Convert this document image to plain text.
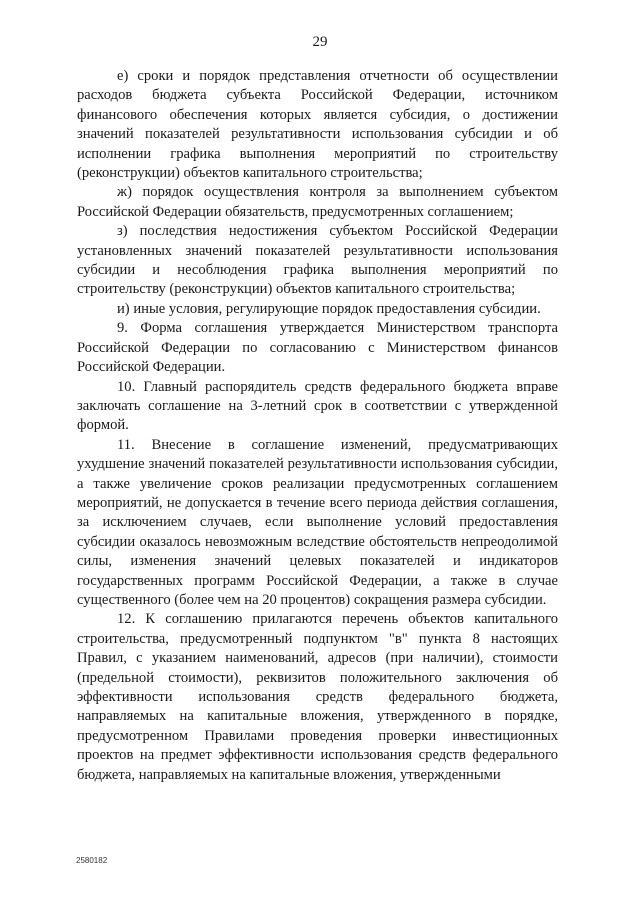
29

е) сроки и порядок представления отчетности об осуществлении расходов бюджета субъекта Российской Федерации, источником финансового обеспечения которых является субсидия, о достижении значений показателей результативности использования субсидии и об исполнении графика выполнения мероприятий по строительству (реконструкции) объектов капитального строительства;

ж) порядок осуществления контроля за выполнением субъектом Российской Федерации обязательств, предусмотренных соглашением;

з) последствия недостижения субъектом Российской Федерации установленных значений показателей результативности использования субсидии и несоблюдения графика выполнения мероприятий по строительству (реконструкции) объектов капитального строительства;

и) иные условия, регулирующие порядок предоставления субсидии.

9. Форма соглашения утверждается Министерством транспорта Российской Федерации по согласованию с Министерством финансов Российской Федерации.

10. Главный распорядитель средств федерального бюджета вправе заключать соглашение на 3-летний срок в соответствии с утвержденной формой.

11. Внесение в соглашение изменений, предусматривающих ухудшение значений показателей результативности использования субсидии, а также увеличение сроков реализации предусмотренных соглашением мероприятий, не допускается в течение всего периода действия соглашения, за исключением случаев, если выполнение условий предоставления субсидии оказалось невозможным вследствие обстоятельств непреодолимой силы, изменения значений целевых показателей и индикаторов государственных программ Российской Федерации, а также в случае существенного (более чем на 20 процентов) сокращения размера субсидии.

12. К соглашению прилагаются перечень объектов капитального строительства, предусмотренный подпунктом "в" пункта 8 настоящих Правил, с указанием наименований, адресов (при наличии), стоимости (предельной стоимости), реквизитов положительного заключения об эффективности использования средств федерального бюджета, направляемых на капитальные вложения, утвержденного в порядке, предусмотренном Правилами проведения проверки инвестиционных проектов на предмет эффективности использования средств федерального бюджета, направляемых на капитальные вложения, утвержденными

2580182
